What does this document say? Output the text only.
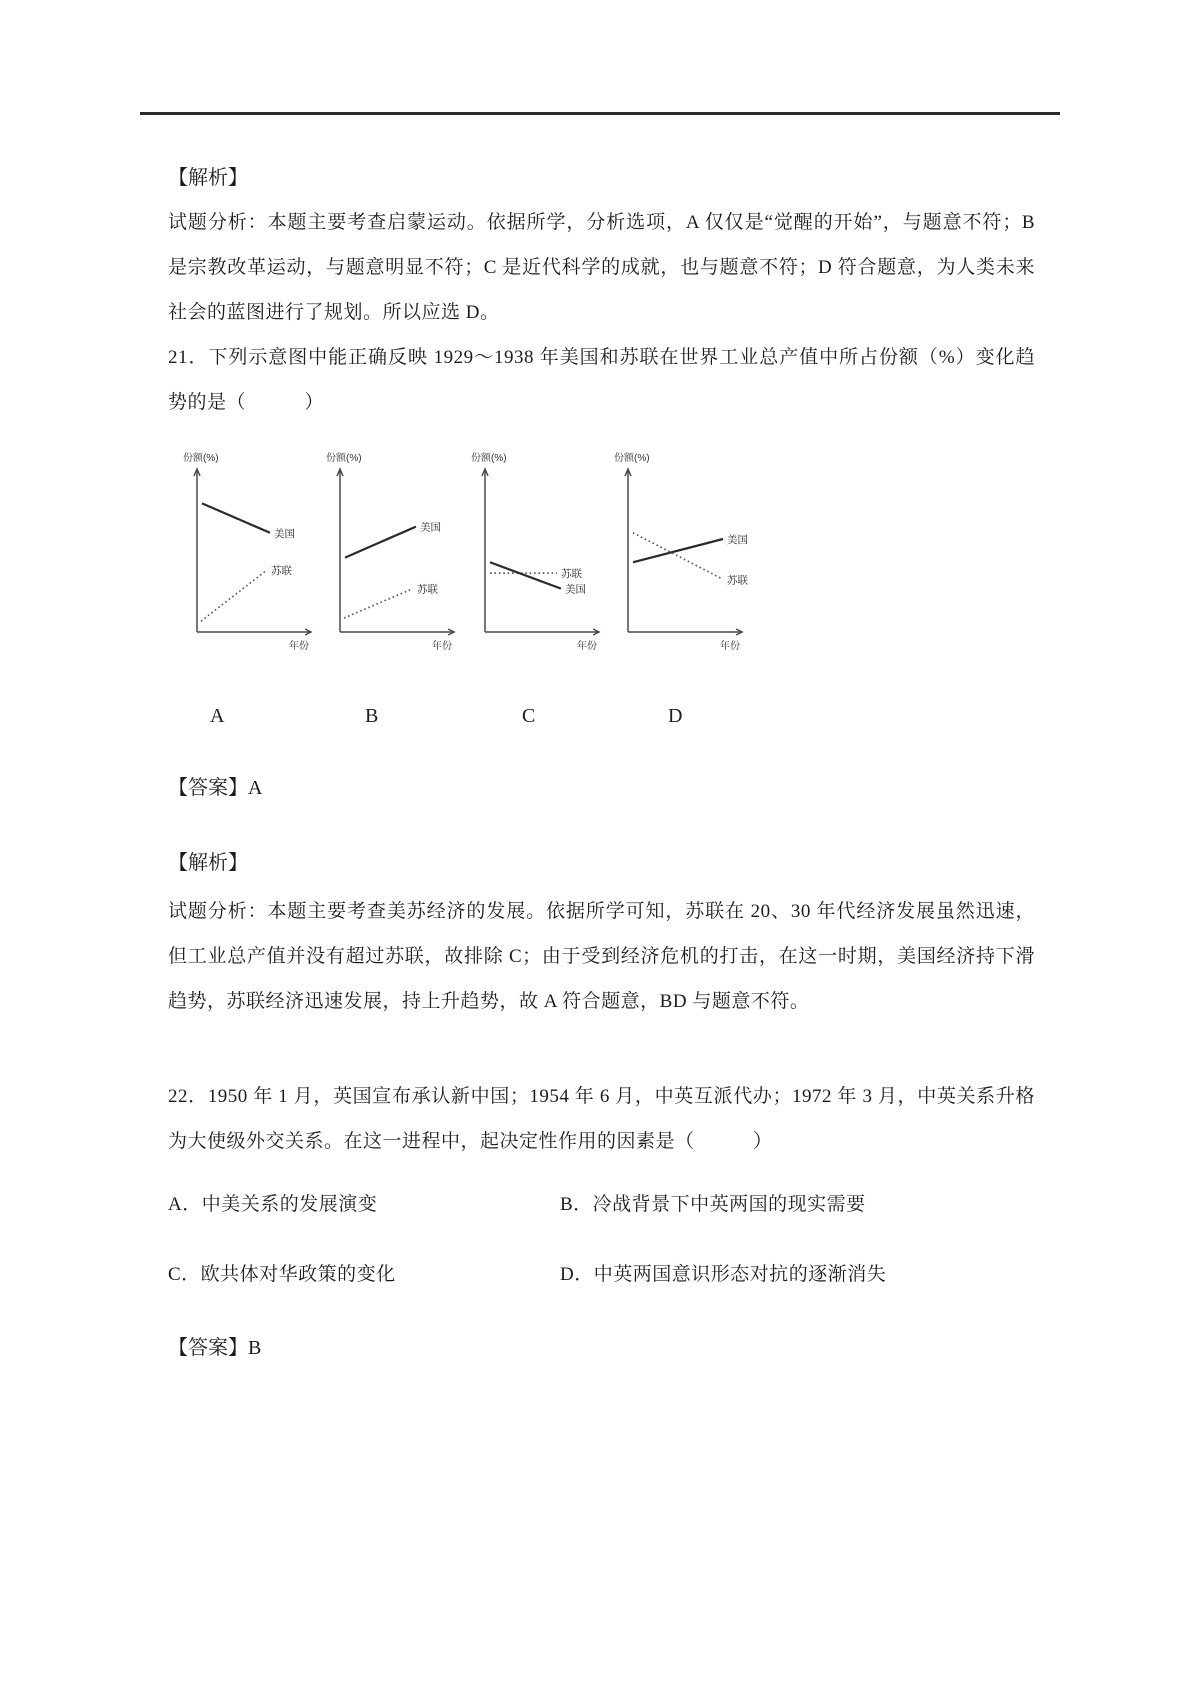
【解析】

试题分析：本题主要考查启蒙运动。依据所学，分析选项，A 仅仅是“觉醒的开始”，与题意不符；B 是宗教改革运动，与题意明显不符；C 是近代科学的成就，也与题意不符；D 符合题意，为人类未来社会的蓝图进行了规划。所以应选 D。

21．下列示意图中能正确反映 1929～1938 年美国和苏联在世界工业总产值中所占份额（%）变化趋势的是（　　　）

份额(%)
年份
美国
苏联
份额(%)
年份
美国
苏联
份额(%)
年份
苏联
美国
份额(%)
年份
美国
苏联
A	B	C	D

【答案】A

【解析】

试题分析：本题主要考查美苏经济的发展。依据所学可知，苏联在 20、30 年代经济发展虽然迅速，但工业总产值并没有超过苏联，故排除 C；由于受到经济危机的打击，在这一时期，美国经济持下滑趋势，苏联经济迅速发展，持上升趋势，故 A 符合题意，BD 与题意不符。

22．1950 年 1 月，英国宣布承认新中国；1954 年 6 月，中英互派代办；1972 年 3 月，中英关系升格为大使级外交关系。在这一进程中，起决定性作用的因素是（　　　）

A．中美关系的发展演变	B．冷战背景下中英两国的现实需要
C．欧共体对华政策的变化	D．中英两国意识形态对抗的逐渐消失

【答案】B
